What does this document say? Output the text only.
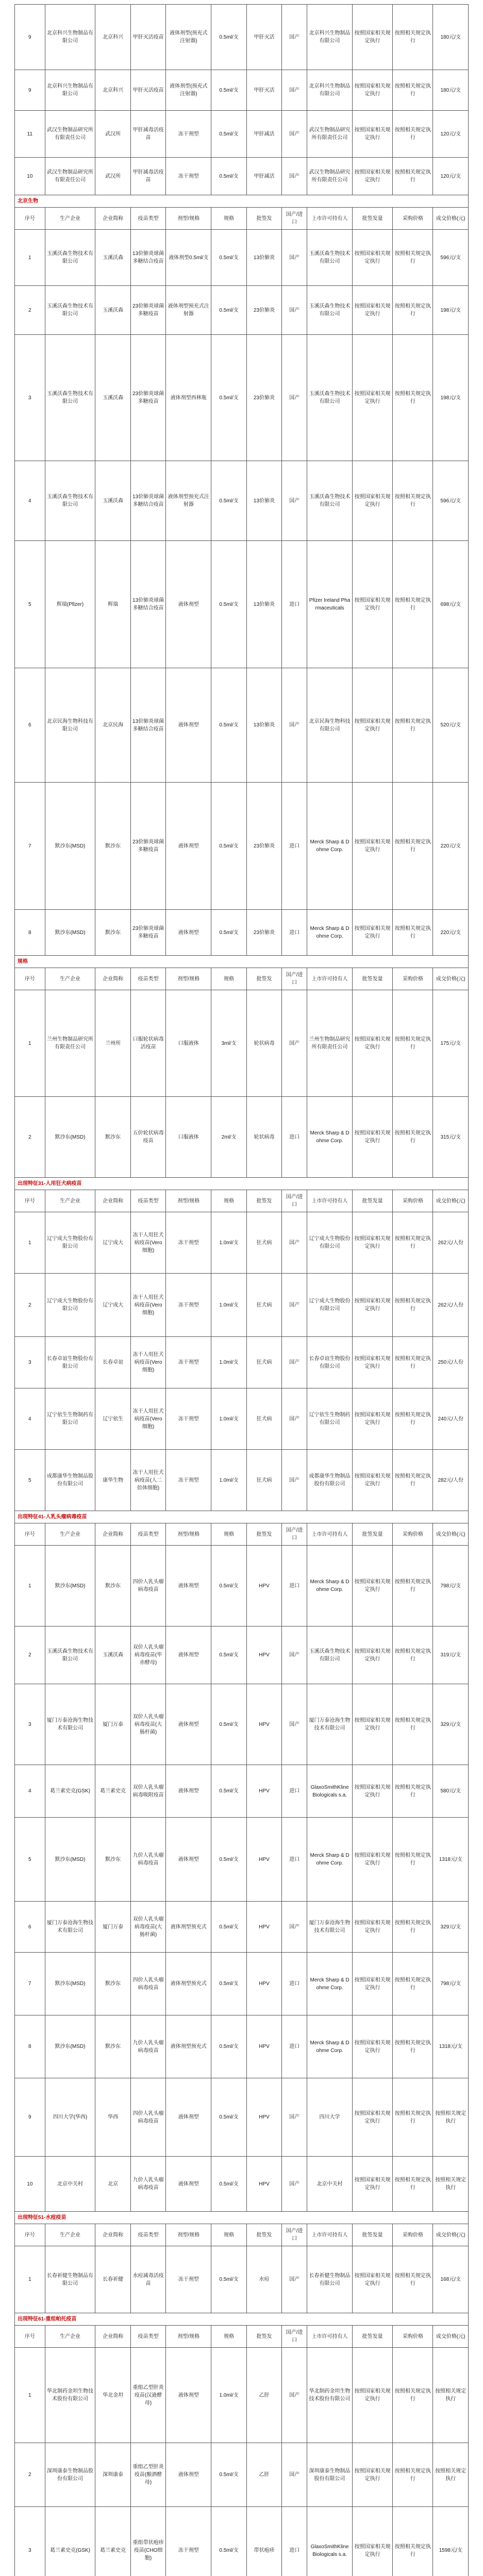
9	北京科兴生物制品有限公司	北京科兴	甲肝灭活疫苗	液体剂型(预充式注射器)	0.5ml/支	甲肝灭活	国产	北京科兴生物制品有限公司	按照国家相关规定执行	按照相关规定执行	180元/支
9	北京科兴生物制品有限公司	北京科兴	甲肝灭活疫苗	液体剂型(预充式注射器)	0.5ml/支	甲肝灭活	国产	北京科兴生物制品有限公司	按照国家相关规定执行	按照相关规定执行	180元/支
11	武汉生物制品研究所有限责任公司	武汉所	甲肝减毒活疫苗	冻干剂型	0.5ml/支	甲肝减活	国产	武汉生物制品研究所有限责任公司	按照国家相关规定执行	按照相关规定执行	120元/支
10	武汉生物制品研究所有限责任公司	武汉所	甲肝减毒活疫苗	冻干剂型	0.5ml/支	甲肝减活	国产	武汉生物制品研究所有限责任公司	按照国家相关规定执行	按照相关规定执行	120元/支
北京生物											
序号	生产企业	企业简称	疫苗类型	剂型/规格	规格	批签发	国产/进口	上市许可持有人	批签发量	采购价格	成交价格(元)
1	玉溪沃森生物技术有限公司	玉溪沃森	13价肺炎球菌多糖结合疫苗	液体剂型0.5ml/支	0.5ml/支	13价肺炎	国产	玉溪沃森生物技术有限公司	按照国家相关规定执行	按照相关规定执行	596元/支
2	玉溪沃森生物技术有限公司	玉溪沃森	23价肺炎球菌多糖疫苗	液体剂型预充式注射器	0.5ml/支	23价肺炎	国产	玉溪沃森生物技术有限公司	按照国家相关规定执行	按照相关规定执行	198元/支
3	玉溪沃森生物技术有限公司	玉溪沃森	23价肺炎球菌多糖疫苗	液体剂型西林瓶	0.5ml/支	23价肺炎	国产	玉溪沃森生物技术有限公司	按照国家相关规定执行	按照相关规定执行	198元/支
4	玉溪沃森生物技术有限公司	玉溪沃森	13价肺炎球菌多糖结合疫苗	液体剂型预充式注射器	0.5ml/支	13价肺炎	国产	玉溪沃森生物技术有限公司	按照国家相关规定执行	按照相关规定执行	596元/支
5	辉瑞(Pfizer)	辉瑞	13价肺炎球菌多糖结合疫苗	液体剂型	0.5ml/支	13价肺炎	进口	Pfizer Ireland Pharmaceuticals	按照国家相关规定执行	按照相关规定执行	698元/支
6	北京民海生物科技有限公司	北京民海	13价肺炎球菌多糖结合疫苗	液体剂型	0.5ml/支	13价肺炎	国产	北京民海生物科技有限公司	按照国家相关规定执行	按照相关规定执行	520元/支
7	默沙东(MSD)	默沙东	23价肺炎球菌多糖疫苗	液体剂型	0.5ml/支	23价肺炎	进口	Merck Sharp & Dohme Corp.	按照国家相关规定执行	按照相关规定执行	220元/支
8	默沙东(MSD)	默沙东	23价肺炎球菌多糖疫苗	液体剂型	0.5ml/支	23价肺炎	进口	Merck Sharp & Dohme Corp.	按照国家相关规定执行	按照相关规定执行	220元/支
规格											
序号	生产企业	企业简称	疫苗类型	剂型/规格	规格	批签发	国产/进口	上市许可持有人	批签发量	采购价格	成交价格(元)
1	兰州生物制品研究所有限责任公司	兰州所	口服轮状病毒活疫苗	口服液体	3ml/支	轮状病毒	国产	兰州生物制品研究所有限责任公司	按照国家相关规定执行	按照相关规定执行	175元/支
2	默沙东(MSD)	默沙东	五价轮状病毒疫苗	口服液体	2ml/支	轮状病毒	进口	Merck Sharp & Dohme Corp.	按照国家相关规定执行	按照相关规定执行	315元/支
出现特征31-人用狂犬病疫苗											
序号	生产企业	企业简称	疫苗类型	剂型/规格	规格	批签发	国产/进口	上市许可持有人	批签发量	采购价格	成交价格(元)
1	辽宁成大生物股份有限公司	辽宁成大	冻干人用狂犬病疫苗(Vero细胞)	冻干剂型	1.0ml/支	狂犬病	国产	辽宁成大生物股份有限公司	按照国家相关规定执行	按照相关规定执行	262元/人份
2	辽宁成大生物股份有限公司	辽宁成大	冻干人用狂犬病疫苗(Vero细胞)	冻干剂型	1.0ml/支	狂犬病	国产	辽宁成大生物股份有限公司	按照国家相关规定执行	按照相关规定执行	262元/人份
3	长春卓谊生物股份有限公司	长春卓谊	冻干人用狂犬病疫苗(Vero细胞)	冻干剂型	1.0ml/支	狂犬病	国产	长春卓谊生物股份有限公司	按照国家相关规定执行	按照相关规定执行	250元/人份
4	辽宁依生生物制药有限公司	辽宁依生	冻干人用狂犬病疫苗(Vero细胞)	冻干剂型	1.0ml/支	狂犬病	国产	辽宁依生生物制药有限公司	按照国家相关规定执行	按照相关规定执行	240元/人份
5	成都康华生物制品股份有限公司	康华生物	冻干人用狂犬病疫苗(人二倍体细胞)	冻干剂型	1.0ml/支	狂犬病	国产	成都康华生物制品股份有限公司	按照国家相关规定执行	按照相关规定执行	282元/人份
出现特征41-人乳头瘤病毒疫苗											
序号	生产企业	企业简称	疫苗类型	剂型/规格	规格	批签发	国产/进口	上市许可持有人	批签发量	采购价格	成交价格(元)
1	默沙东(MSD)	默沙东	四价人乳头瘤病毒疫苗	液体剂型	0.5ml/支	HPV	进口	Merck Sharp & Dohme Corp.	按照国家相关规定执行	按照相关规定执行	798元/支
2	玉溪沃森生物技术有限公司	玉溪沃森	双价人乳头瘤病毒疫苗(毕赤酵母)	液体剂型	0.5ml/支	HPV	国产	玉溪沃森生物技术有限公司	按照国家相关规定执行	按照相关规定执行	319元/支
3	厦门万泰沧海生物技术有限公司	厦门万泰	双价人乳头瘤病毒疫苗(大肠杆菌)	液体剂型	0.5ml/支	HPV	国产	厦门万泰沧海生物技术有限公司	按照国家相关规定执行	按照相关规定执行	329元/支
4	葛兰素史克(GSK)	葛兰素史克	双价人乳头瘤病毒吸附疫苗	液体剂型	0.5ml/支	HPV	进口	GlaxoSmithKline Biologicals s.a.	按照国家相关规定执行	按照相关规定执行	580元/支
5	默沙东(MSD)	默沙东	九价人乳头瘤病毒疫苗	液体剂型	0.5ml/支	HPV	进口	Merck Sharp & Dohme Corp.	按照国家相关规定执行	按照相关规定执行	1318元/支
6	厦门万泰沧海生物技术有限公司	厦门万泰	双价人乳头瘤病毒疫苗(大肠杆菌)	液体剂型预充式	0.5ml/支	HPV	国产	厦门万泰沧海生物技术有限公司	按照国家相关规定执行	按照相关规定执行	329元/支
7	默沙东(MSD)	默沙东	四价人乳头瘤病毒疫苗	液体剂型预充式	0.5ml/支	HPV	进口	Merck Sharp & Dohme Corp.	按照国家相关规定执行	按照相关规定执行	798元/支
8	默沙东(MSD)	默沙东	九价人乳头瘤病毒疫苗	液体剂型预充式	0.5ml/支	HPV	进口	Merck Sharp & Dohme Corp.	按照国家相关规定执行	按照相关规定执行	1318元/支
9	四川大学(华西)	华西	四价人乳头瘤病毒疫苗	液体剂型	0.5ml/支	HPV	国产	四川大学	按照国家相关规定执行	按照相关规定执行	按照相关规定执行
10	北京中关村	北京	九价人乳头瘤病毒疫苗	液体剂型	0.5ml/支	HPV	国产	北京中关村	按照国家相关规定执行	按照相关规定执行	按照相关规定执行
出现特征51-水痘疫苗											
序号	生产企业	企业简称	疫苗类型	剂型/规格	规格	批签发	国产/进口	上市许可持有人	批签发量	采购价格	成交价格(元)
1	长春祈健生物制品有限公司	长春祈健	水痘减毒活疫苗	冻干剂型	0.5ml/支	水痘	国产	长春祈健生物制品有限公司	按照国家相关规定执行	按照相关规定执行	168元/支
出现特征61-重组帕托疫苗											
序号	生产企业	企业简称	疫苗类型	剂型/规格	规格	批签发	国产/进口	上市许可持有人	批签发量	采购价格	成交价格(元)
1	华北制药金坦生物技术股份有限公司	华北金坦	重组乙型肝炎疫苗(汉逊酵母)	液体剂型	1.0ml/支	乙肝	国产	华北制药金坦生物技术股份有限公司	按照国家相关规定执行	按照相关规定执行	按照相关规定执行
2	深圳康泰生物制品股份有限公司	深圳康泰	重组乙型肝炎疫苗(酿酒酵母)	液体剂型	0.5ml/支	乙肝	国产	深圳康泰生物制品股份有限公司	按照国家相关规定执行	按照相关规定执行	按照相关规定执行
3	葛兰素史克(GSK)	葛兰素史克	重组带状疱疹疫苗(CHO细胞)	冻干剂型	0.5ml/支	带状疱疹	进口	GlaxoSmithKline Biologicals s.a.	按照国家相关规定执行	按照相关规定执行	1598元/支
